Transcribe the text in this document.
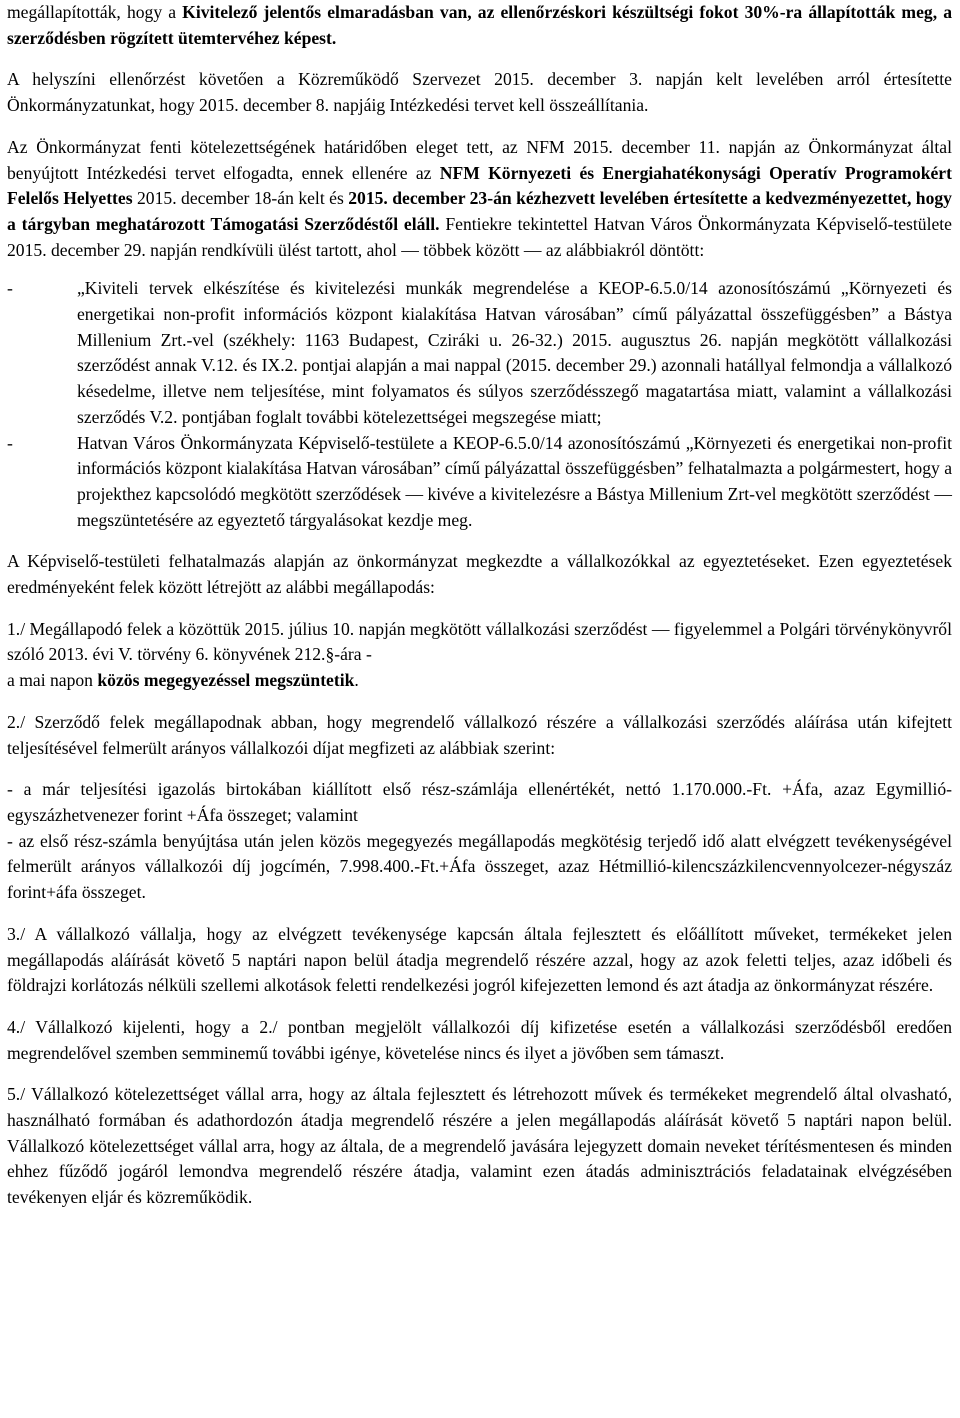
megállapították, hogy a Kivitelező jelentős elmaradásban van, az ellenőrzéskori készültségi fokot 30%-ra állapították meg, a szerződésben rögzített ütemtervéhez képest.

A helyszíni ellenőrzést követően a Közreműködő Szervezet 2015. december 3. napján kelt levelében arról értesítette Önkormányzatunkat, hogy 2015. december 8. napjáig Intézkedési tervet kell összeállítania.

Az Önkormányzat fenti kötelezettségének határidőben eleget tett, az NFM 2015. december 11. napján az Önkormányzat által benyújtott Intézkedési tervet elfogadta, ennek ellenére az NFM Környezeti és Energiahatékonysági Operatív Programokért Felelős Helyettes 2015. december 18-án kelt és 2015. december 23-án kézhezvett levelében értesítette a kedvezményezettet, hogy a tárgyban meghatározott Támogatási Szerződéstől eláll. Fentiekre tekintettel Hatvan Város Önkormányzata Képviselő-testülete 2015. december 29. napján rendkívüli ülést tartott, ahol — többek között — az alábbiakról döntött:

-	„Kiviteli tervek elkészítése és kivitelezési munkák megrendelése a KEOP-6.5.0/14 azonosítószámú „Környezeti és energetikai non-profit információs központ kialakítása Hatvan városában” című pályázattal összefüggésben” a Bástya Millenium Zrt.-vel (székhely: 1163 Budapest, Cziráki u. 26-32.) 2015. augusztus 26. napján megkötött vállalkozási szerződést annak V.12. és IX.2. pontjai alapján a mai nappal (2015. december 29.) azonnali hatállyal felmondja a vállalkozó késedelme, illetve nem teljesítése, mint folyamatos és súlyos szerződésszegő magatartása miatt, valamint a vállalkozási szerződés V.2. pontjában foglalt további kötelezettségei megszegése miatt;
-	Hatvan Város Önkormányzata Képviselő-testülete a KEOP-6.5.0/14 azonosítószámú „Környezeti és energetikai non-profit információs központ kialakítása Hatvan városában” című pályázattal összefüggésben” felhatalmazta a polgármestert, hogy a projekthez kapcsolódó megkötött szerződések — kivéve a kivitelezésre a Bástya Millenium Zrt-vel megkötött szerződést — megszüntetésére az egyeztető tárgyalásokat kezdje meg.

A Képviselő-testületi felhatalmazás alapján az önkormányzat megkezdte a vállalkozókkal az egyeztetéseket. Ezen egyeztetések eredményeként felek között létrejött az alábbi megállapodás:

1./ Megállapodó felek a közöttük 2015. július 10. napján megkötött vállalkozási szerződést — figyelemmel a Polgári törvénykönyvről szóló 2013. évi V. törvény 6. könyvének 212.§-ára -
a mai napon közös megegyezéssel megszüntetik.

2./ Szerződő felek megállapodnak abban, hogy megrendelő vállalkozó részére a vállalkozási szerződés aláírása után kifejtett teljesítésével felmerült arányos vállalkozói díjat megfizeti az alábbiak szerint:

- a már teljesítési igazolás birtokában kiállított első rész-számlája ellenértékét, nettó 1.170.000.-Ft. +Áfa, azaz Egymillió-egyszázhetvenezer forint +Áfa összeget; valamint

- az első rész-számla benyújtása után jelen közös megegyezés megállapodás megkötésig terjedő idő alatt elvégzett tevékenységével felmerült arányos vállalkozói díj jogcímén, 7.998.400.-Ft.+Áfa összeget, azaz Hétmillió-kilencszázkilencvennyolcezer-négyszáz forint+áfa összeget.

3./ A vállalkozó vállalja, hogy az elvégzett tevékenysége kapcsán általa fejlesztett és előállított műveket, termékeket jelen megállapodás aláírását követő 5 naptári napon belül átadja megrendelő részére azzal, hogy az azok feletti teljes, azaz időbeli és földrajzi korlátozás nélküli szellemi alkotások feletti rendelkezési jogról kifejezetten lemond és azt átadja az önkormányzat részére.

4./ Vállalkozó kijelenti, hogy a 2./ pontban megjelölt vállalkozói díj kifizetése esetén a vállalkozási szerződésből eredően megrendelővel szemben semminemű további igénye, követelése nincs és ilyet a jövőben sem támaszt.

5./ Vállalkozó kötelezettséget vállal arra, hogy az általa fejlesztett és létrehozott művek és termékeket megrendelő által olvasható, használható formában és adathordozón átadja megrendelő részére a jelen megállapodás aláírását követő 5 naptári napon belül. Vállalkozó kötelezettséget vállal arra, hogy az általa, de a megrendelő javására lejegyzett domain neveket térítésmentesen és minden ehhez fűződő jogáról lemondva megrendelő részére átadja, valamint ezen átadás adminisztrációs feladatainak elvégzésében tevékenyen eljár és közreműködik.
